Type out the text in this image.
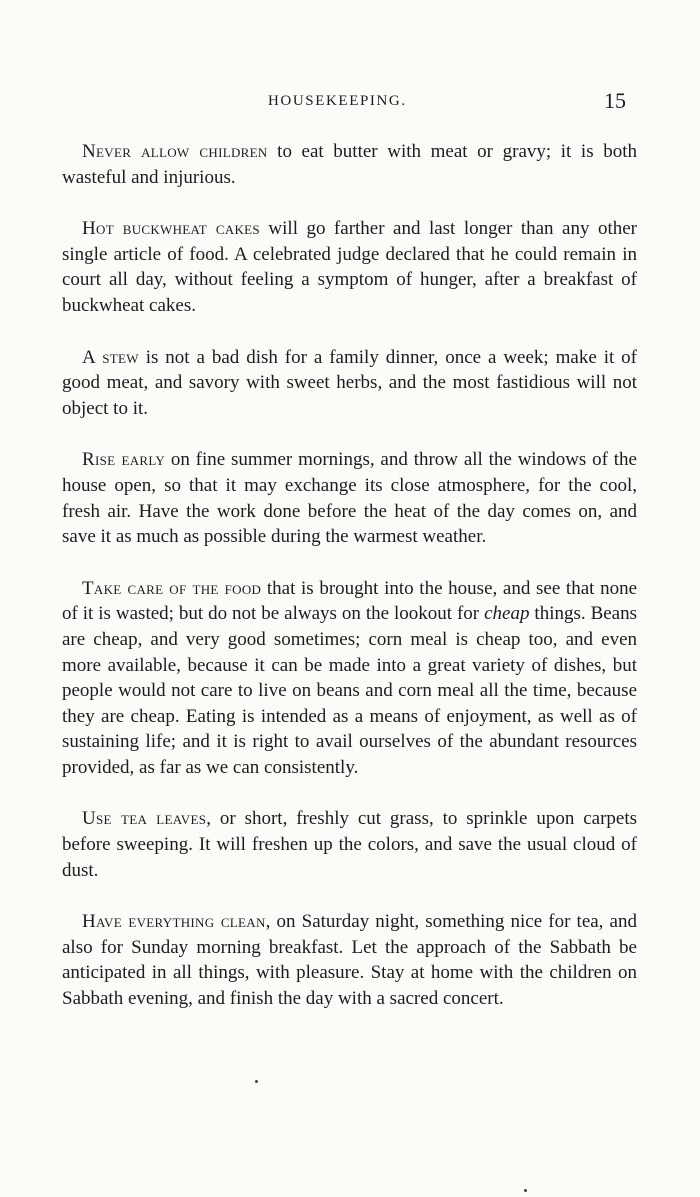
HOUSEKEEPING.	15

Never allow children to eat butter with meat or gravy; it is both wasteful and injurious.

Hot buckwheat cakes will go farther and last longer than any other single article of food. A celebrated judge declared that he could remain in court all day, without feeling a symptom of hunger, after a breakfast of buckwheat cakes.

A stew is not a bad dish for a family dinner, once a week; make it of good meat, and savory with sweet herbs, and the most fastidious will not object to it.

Rise early on fine summer mornings, and throw all the windows of the house open, so that it may exchange its close atmosphere, for the cool, fresh air. Have the work done before the heat of the day comes on, and save it as much as possible during the warmest weather.

Take care of the food that is brought into the house, and see that none of it is wasted; but do not be always on the lookout for cheap things. Beans are cheap, and very good sometimes; corn meal is cheap too, and even more available, because it can be made into a great variety of dishes, but people would not care to live on beans and corn meal all the time, because they are cheap. Eating is intended as a means of enjoyment, as well as of sustaining life; and it is right to avail ourselves of the abundant resources provided, as far as we can consistently.

Use tea leaves, or short, freshly cut grass, to sprinkle upon carpets before sweeping. It will freshen up the colors, and save the usual cloud of dust.

Have everything clean, on Saturday night, something nice for tea, and also for Sunday morning breakfast. Let the approach of the Sabbath be anticipated in all things, with pleasure. Stay at home with the children on Sabbath evening, and finish the day with a sacred concert.
